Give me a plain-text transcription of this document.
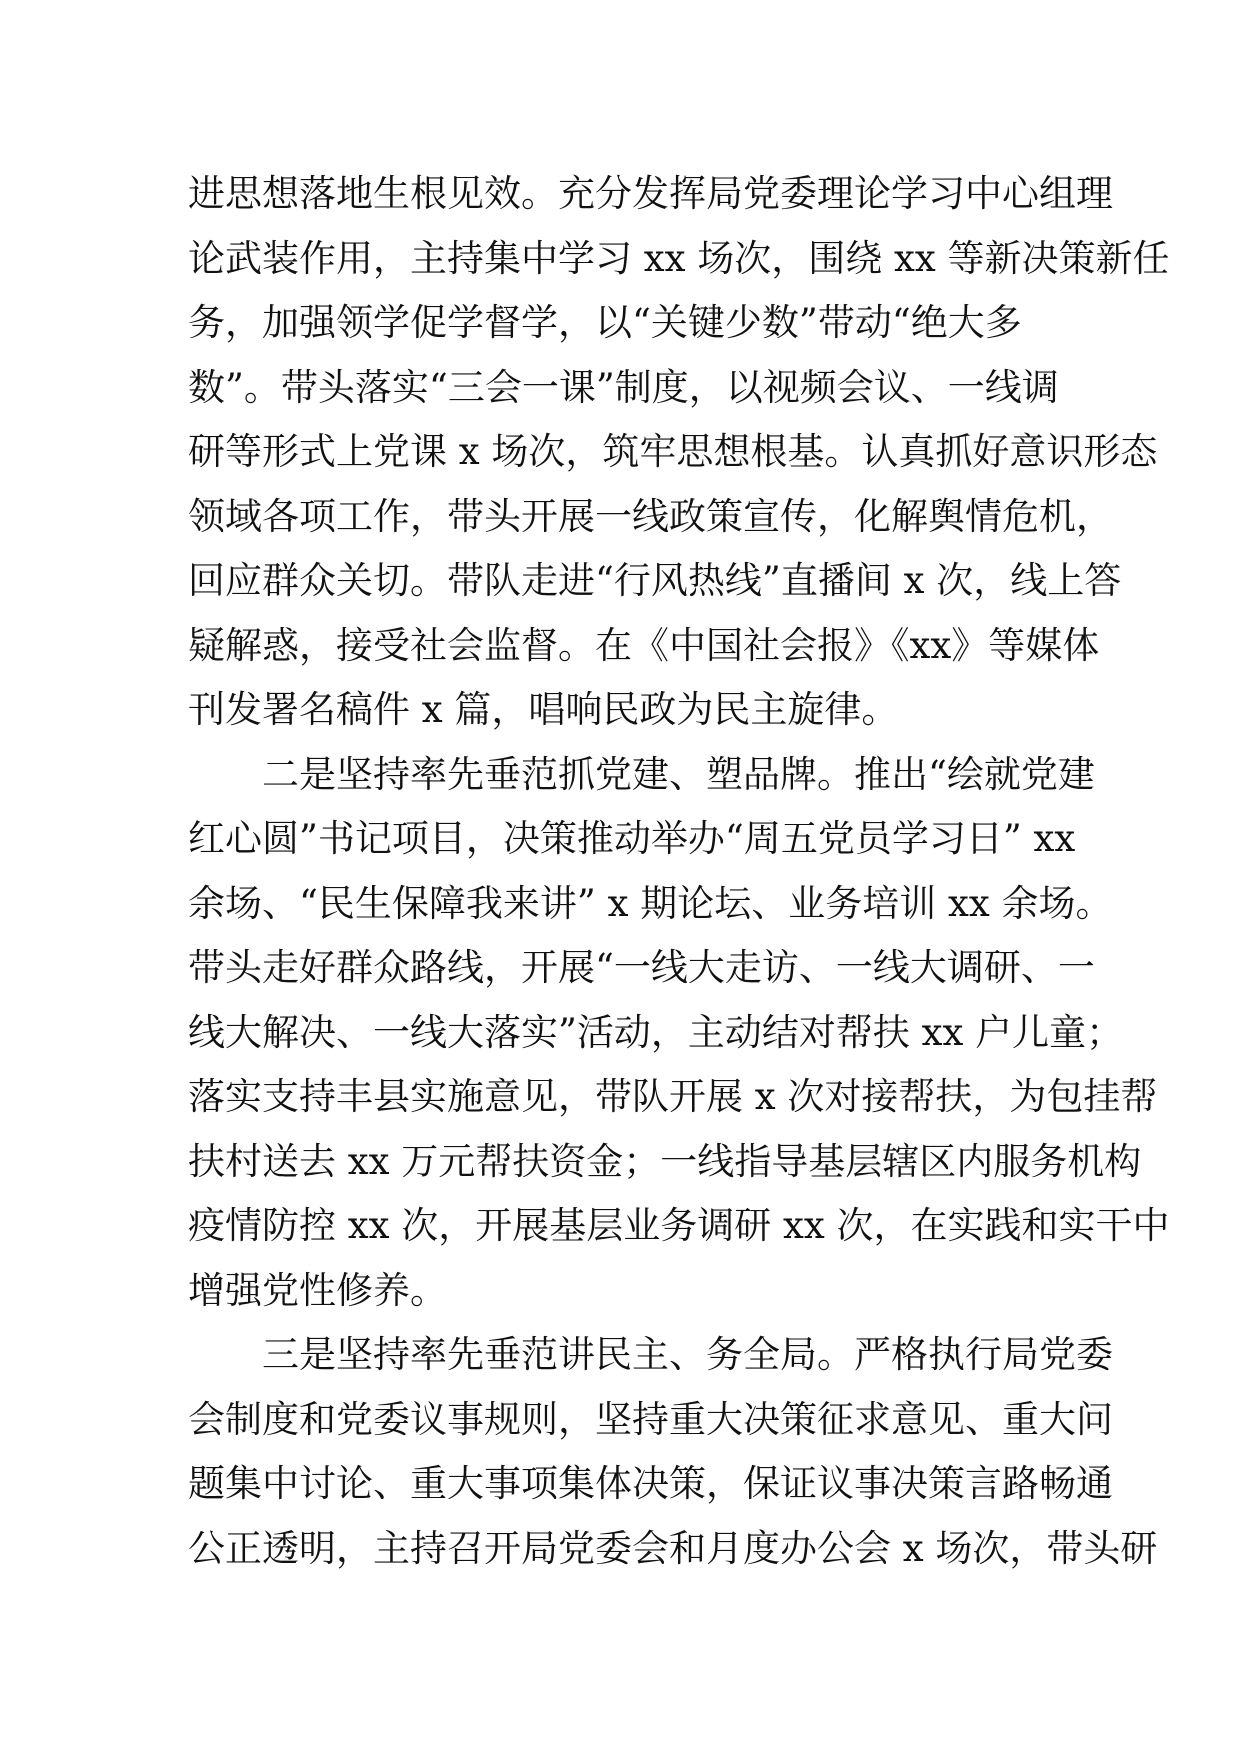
进思想落地生根见效。充分发挥局党委理论学习中心组理
论武装作用，主持集中学习 xx 场次，围绕 xx 等新决策新任
务，加强领学促学督学，以“关键少数”带动“绝大多
数”。带头落实“三会一课”制度，以视频会议、一线调
研等形式上党课 x 场次，筑牢思想根基。认真抓好意识形态
领域各项工作，带头开展一线政策宣传，化解舆情危机，
回应群众关切。带队走进“行风热线”直播间 x 次，线上答
疑解惑，接受社会监督。在《中国社会报》《xx》等媒体
刊发署名稿件 x 篇，唱响民政为民主旋律。
　　二是坚持率先垂范抓党建、塑品牌。推出“绘就党建
红心圆”书记项目，决策推动举办“周五党员学习日” xx
余场、“民生保障我来讲” x 期论坛、业务培训 xx 余场。
带头走好群众路线，开展“一线大走访、一线大调研、一
线大解决、一线大落实”活动，主动结对帮扶 xx 户儿童；
落实支持丰县实施意见，带队开展 x 次对接帮扶，为包挂帮
扶村送去 xx 万元帮扶资金；一线指导基层辖区内服务机构
疫情防控 xx 次，开展基层业务调研 xx 次，在实践和实干中
增强党性修养。
　　三是坚持率先垂范讲民主、务全局。严格执行局党委
会制度和党委议事规则，坚持重大决策征求意见、重大问
题集中讨论、重大事项集体决策，保证议事决策言路畅通
公正透明，主持召开局党委会和月度办公会 x 场次，带头研
